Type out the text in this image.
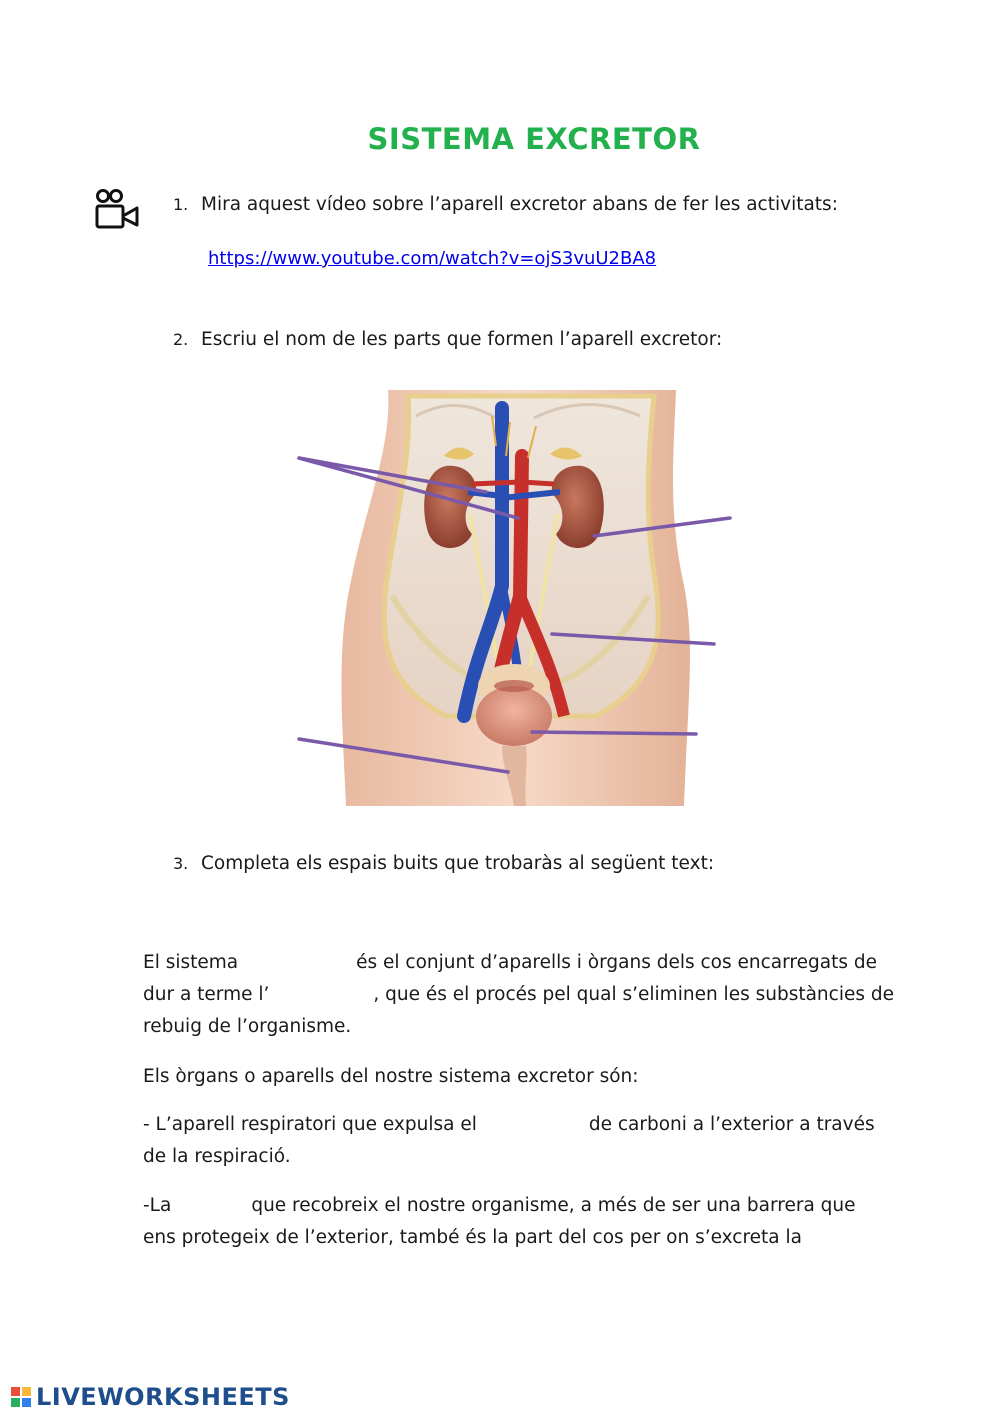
SISTEMA EXCRETOR
1. Mira aquest vídeo sobre l’aparell excretor abans de fer les activitats:
https://www.youtube.com/watch?v=ojS3vuU2BA8
2. Escriu el nom de les parts que formen l’aparell excretor:
3. Completa els espais buits que trobaràs al següent text:
El sistema	és el conjunt d’aparells i òrgans dels cos encarregats de
dur a terme l’	, que és el procés pel qual s’eliminen les substàncies de
rebuig de l’organisme.
Els òrgans o aparells del nostre sistema excretor són:
- L’aparell respiratori que expulsa el	de carboni a l’exterior a través
de la respiració.
-La	que recobreix el nostre organisme, a més de ser una barrera que
ens protegeix de l’exterior, també és la part del cos per on s’excreta la
LIVEWORKSHEETS
